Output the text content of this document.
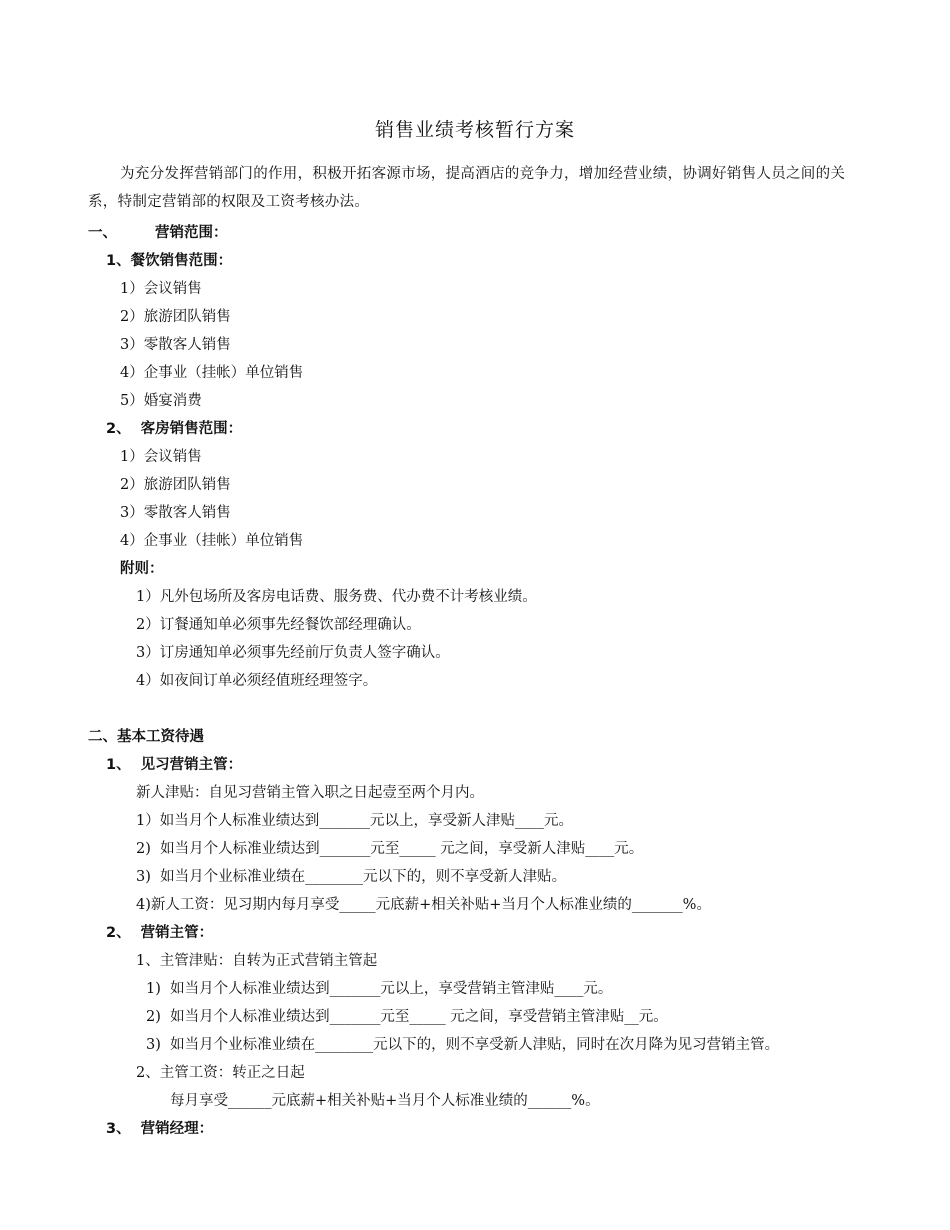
销售业绩考核暂行方案
为充分发挥营销部门的作用，积极开拓客源市场，提高酒店的竞争力，增加经营业绩，协调好销售人员之间的关系，特制定营销部的权限及工资考核办法。
一、	营销范围：
1、餐饮销售范围：
1）会议销售
2）旅游团队销售
3）零散客人销售
4）企事业（挂帐）单位销售
5）婚宴消费
2、  客房销售范围：
1）会议销售
2）旅游团队销售
3）零散客人销售
4）企事业（挂帐）单位销售
附则：
1）凡外包场所及客房电话费、服务费、代办费不计考核业绩。
2）订餐通知单必须事先经餐饮部经理确认。
3）订房通知单必须事先经前厅负责人签字确认。
4）如夜间订单必须经值班经理签字。
二、基本工资待遇
1、  见习营销主管：
新人津贴：自见习营销主管入职之日起壹至两个月内。
1）如当月个人标准业绩达到_______元以上，享受新人津贴____元。
2)  如当月个人标准业绩达到_______元至_____ 元之间，享受新人津贴____元。
3)  如当月个业标准业绩在________元以下的，则不享受新人津贴。
4)新人工资：见习期内每月享受_____元底薪+相关补贴+当月个人标准业绩的_______%。
2、  营销主管：
1、主管津贴：自转为正式营销主管起
1)  如当月个人标准业绩达到_______元以上，享受营销主管津贴____元。
2)  如当月个人标准业绩达到_______元至_____ 元之间，享受营销主管津贴__元。
3)  如当月个业标准业绩在________元以下的，则不享受新人津贴，同时在次月降为见习营销主管。
2、主管工资：转正之日起
每月享受______元底薪+相关补贴+当月个人标准业绩的______%。
3、  营销经理：
